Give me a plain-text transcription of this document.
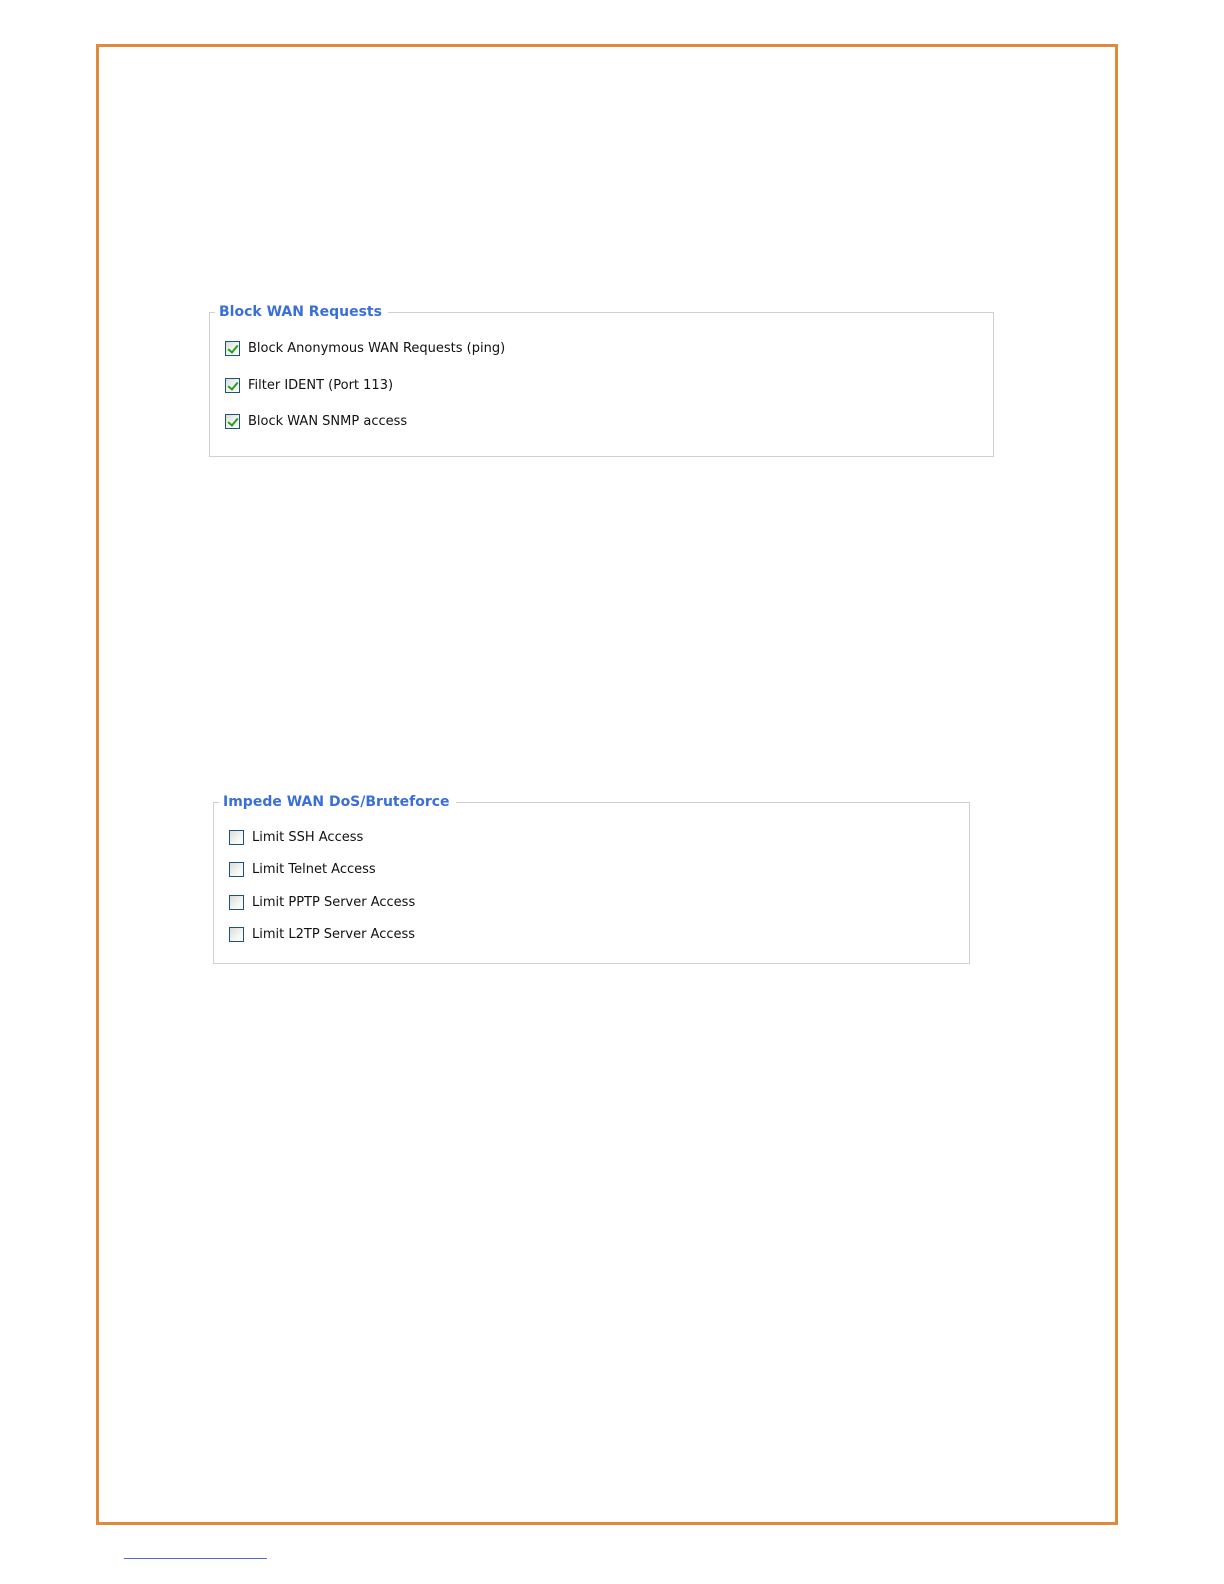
Block WAN Requests
Block Anonymous WAN Requests (ping)
Filter IDENT (Port 113)
Block WAN SNMP access
Impede WAN DoS/Bruteforce
Limit SSH Access
Limit Telnet Access
Limit PPTP Server Access
Limit L2TP Server Access
